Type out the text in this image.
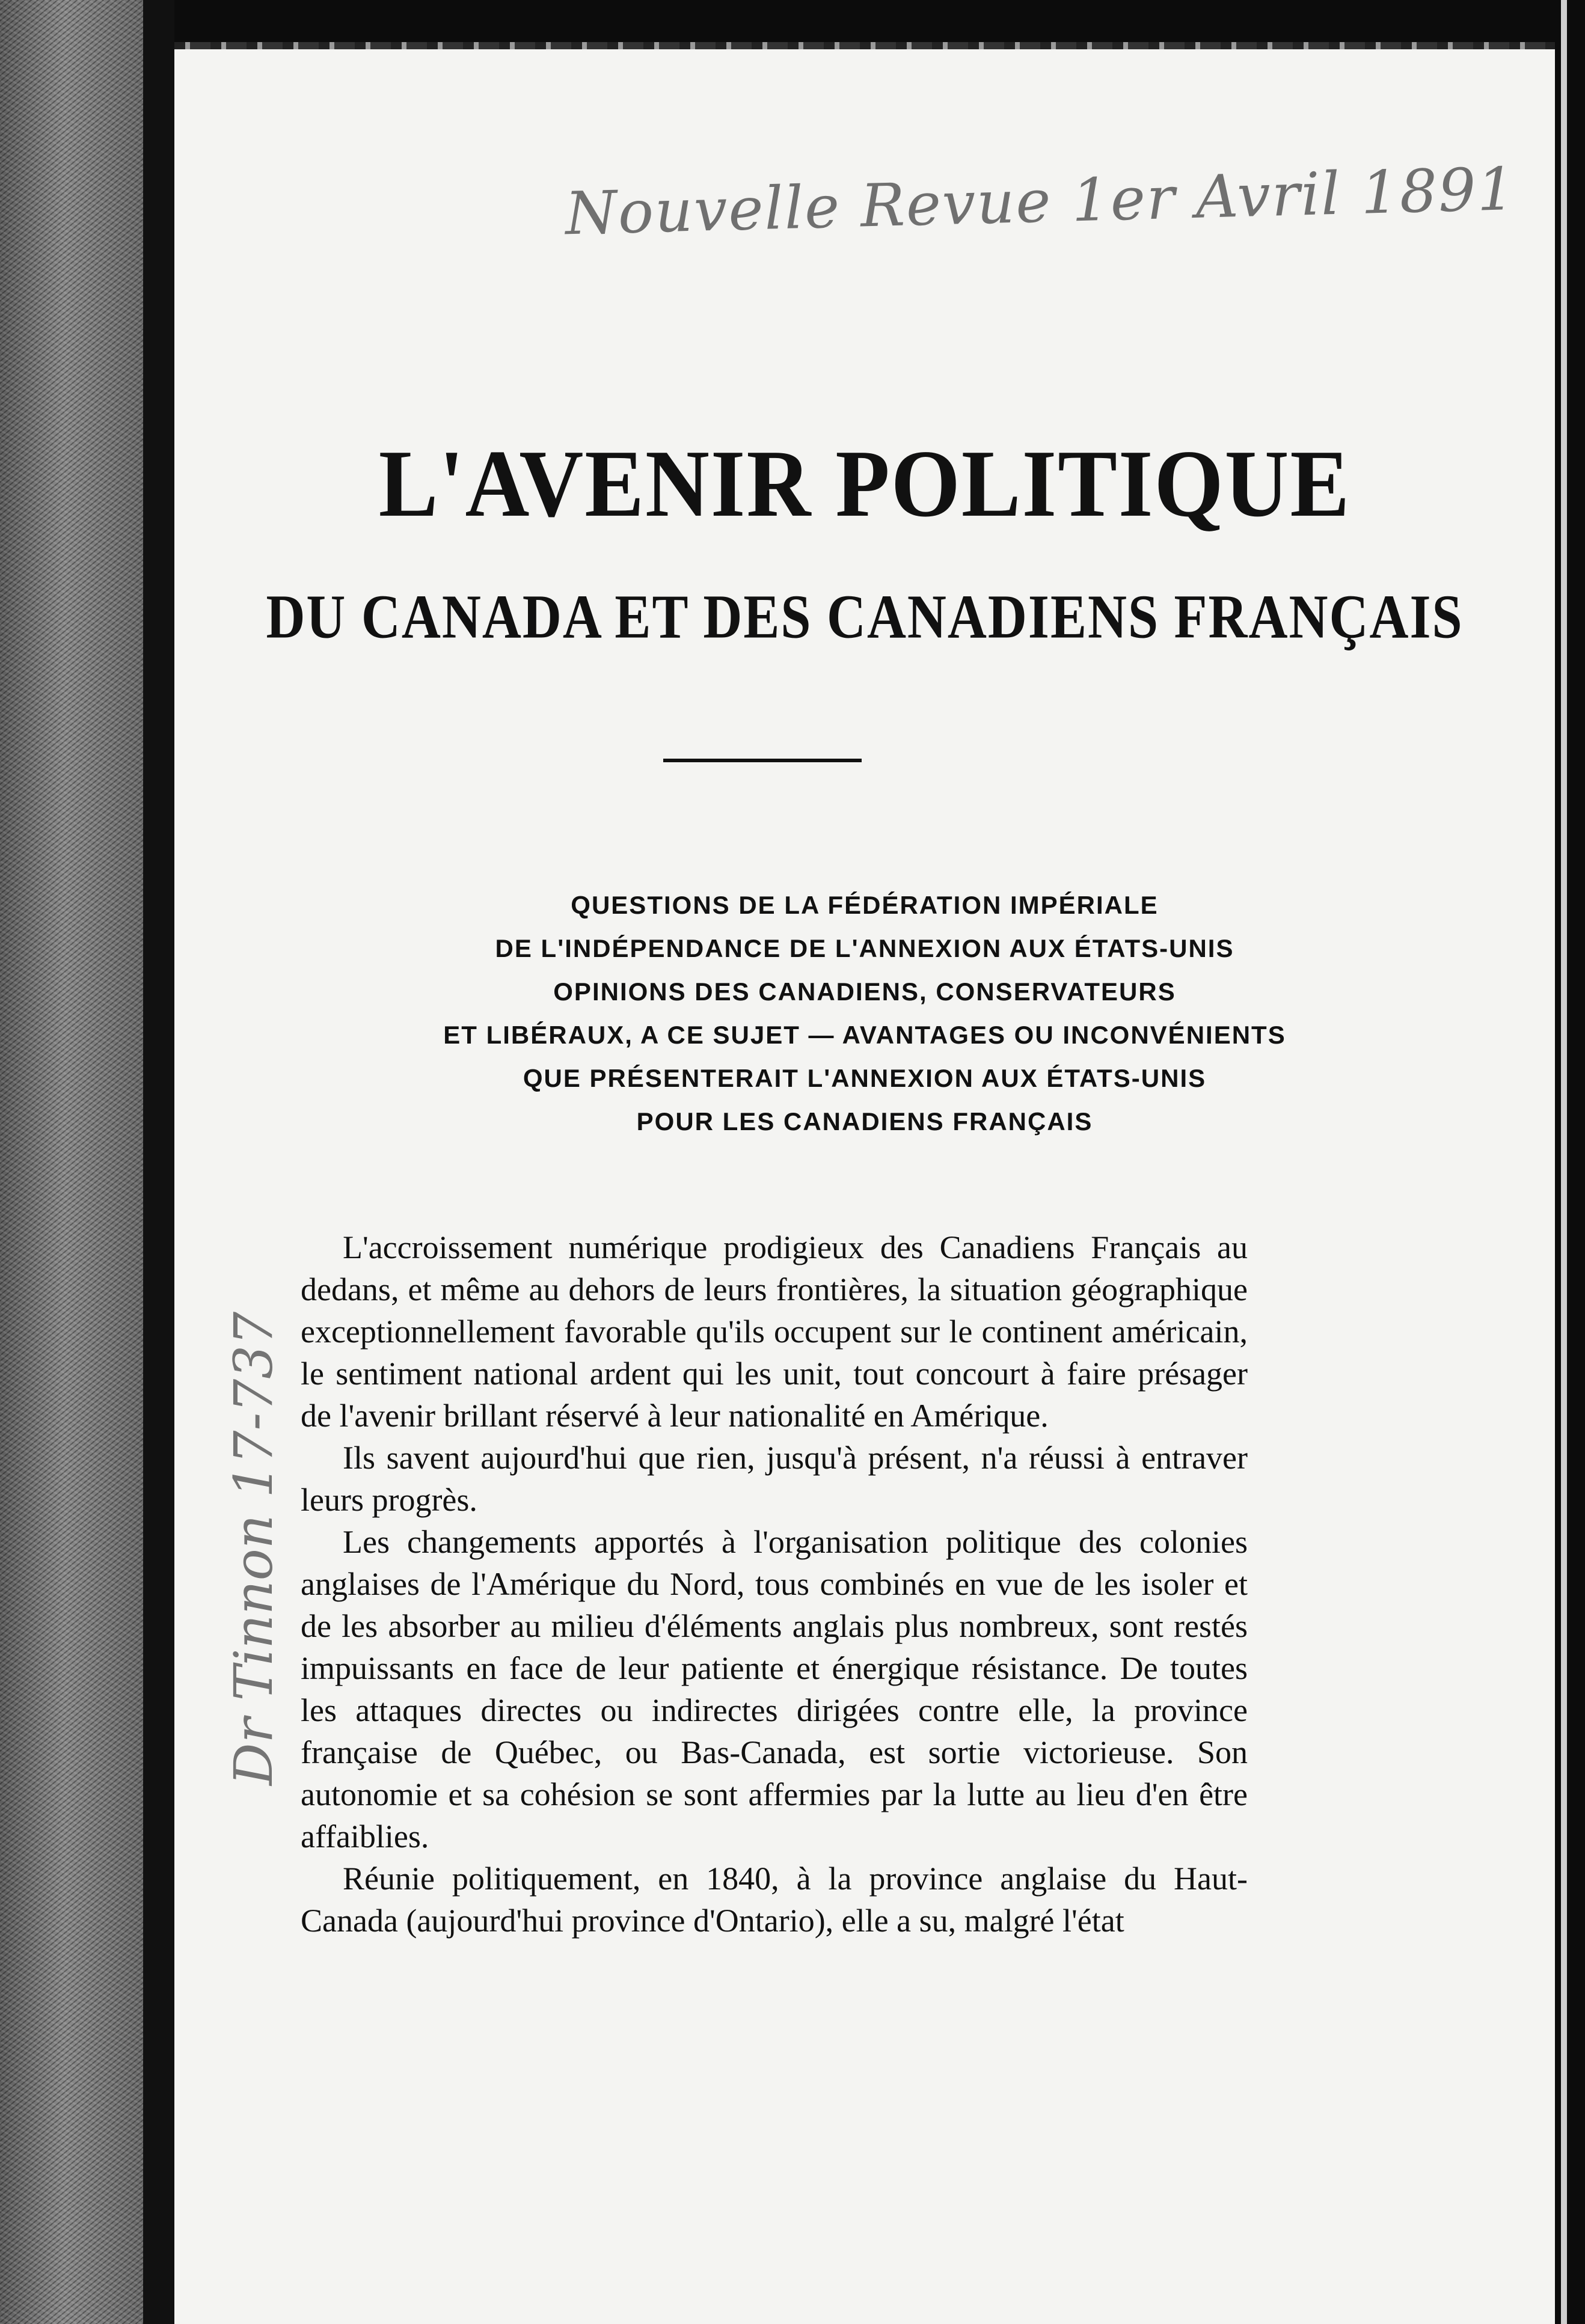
Nouvelle Revue 1er Avril 1891
Dr Tinnon 17-737
L'AVENIR POLITIQUE
DU CANADA ET DES CANADIENS FRANÇAIS
QUESTIONS DE LA FÉDÉRATION IMPÉRIALE
DE L'INDÉPENDANCE DE L'ANNEXION AUX ÉTATS-UNIS
OPINIONS DES CANADIENS, CONSERVATEURS
ET LIBÉRAUX, A CE SUJET — AVANTAGES OU INCONVÉNIENTS
QUE PRÉSENTERAIT L'ANNEXION AUX ÉTATS-UNIS
POUR LES CANADIENS FRANÇAIS

L'accroissement numérique prodigieux des Canadiens Français au dedans, et même au dehors de leurs frontières, la situation géographique exceptionnellement favorable qu'ils occupent sur le continent américain, le sentiment national ardent qui les unit, tout concourt à faire présager de l'avenir brillant réservé à leur nationalité en Amérique.

Ils savent aujourd'hui que rien, jusqu'à présent, n'a réussi à entraver leurs progrès.

Les changements apportés à l'organisation politique des colonies anglaises de l'Amérique du Nord, tous combinés en vue de les isoler et de les absorber au milieu d'éléments anglais plus nombreux, sont restés impuissants en face de leur patiente et énergique résistance. De toutes les attaques directes ou indirectes dirigées contre elle, la province française de Québec, ou Bas-Canada, est sortie victorieuse. Son autonomie et sa cohésion se sont affermies par la lutte au lieu d'en être affaiblies.

Réunie politiquement, en 1840, à la province anglaise du Haut-Canada (aujourd'hui province d'Ontario), elle a su, malgré l'état
